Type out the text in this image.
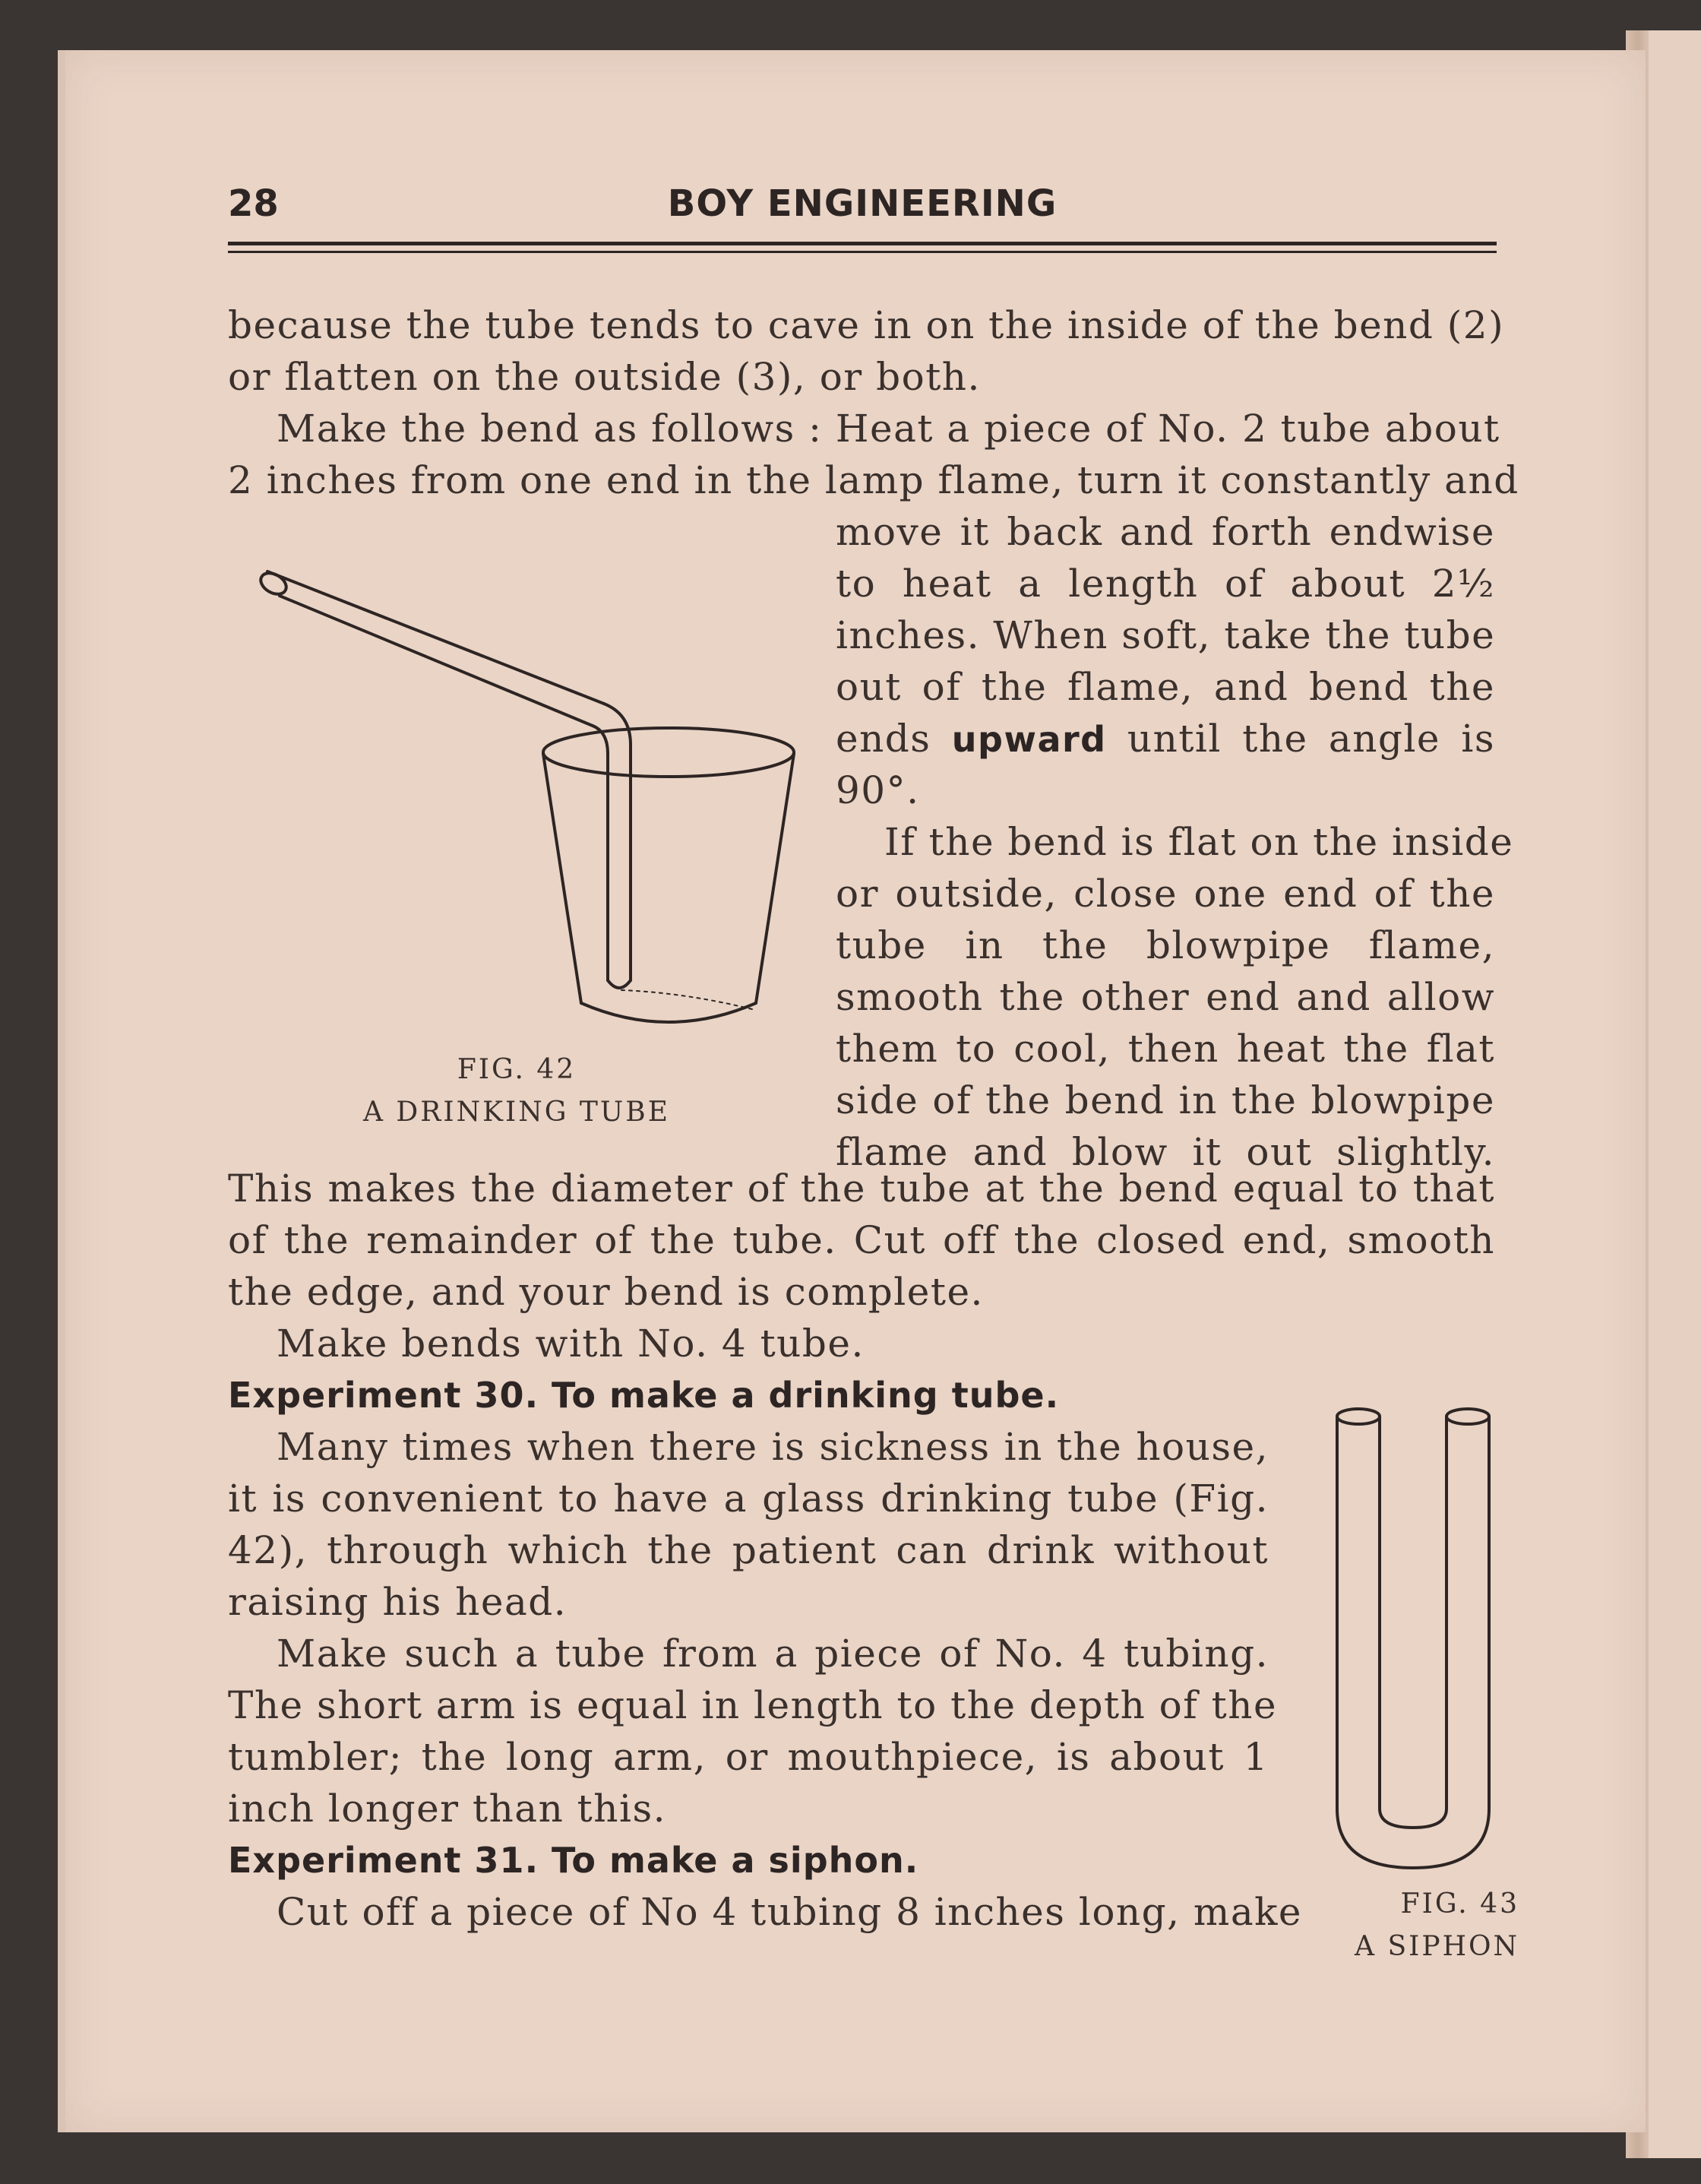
28	BOY ENGINEERING
because the tube tends to cave in on the inside of the bend (2)
or flatten on the outside (3), or both.
Make the bend as follows : Heat a piece of No. 2 tube about
2 inches from one end in the lamp flame, turn it constantly and
move it back and forth endwise
to heat a length of about 2½
inches. When soft, take the tube
out of the flame, and bend the
ends upward until the angle is
90°.
If the bend is flat on the inside
or outside, close one end of the
tube in the blowpipe flame,
smooth the other end and allow
them to cool, then heat the flat
side of the bend in the blowpipe
flame and blow it out slightly.
FIG. 42
A DRINKING TUBE
This makes the diameter of the tube at the bend equal to that
of the remainder of the tube. Cut off the closed end, smooth
the edge, and your bend is complete.
Make bends with No. 4 tube.
Experiment 30. To make a drinking tube.
Many times when there is sickness in the house,
it is convenient to have a glass drinking tube (Fig.
42), through which the patient can drink without
raising his head.
Make such a tube from a piece of No. 4 tubing.
The short arm is equal in length to the depth of the
tumbler; the long arm, or mouthpiece, is about 1
inch longer than this.
Experiment 31. To make a siphon.
Cut off a piece of No 4 tubing 8 inches long, make	FIG. 43
A SIPHON
